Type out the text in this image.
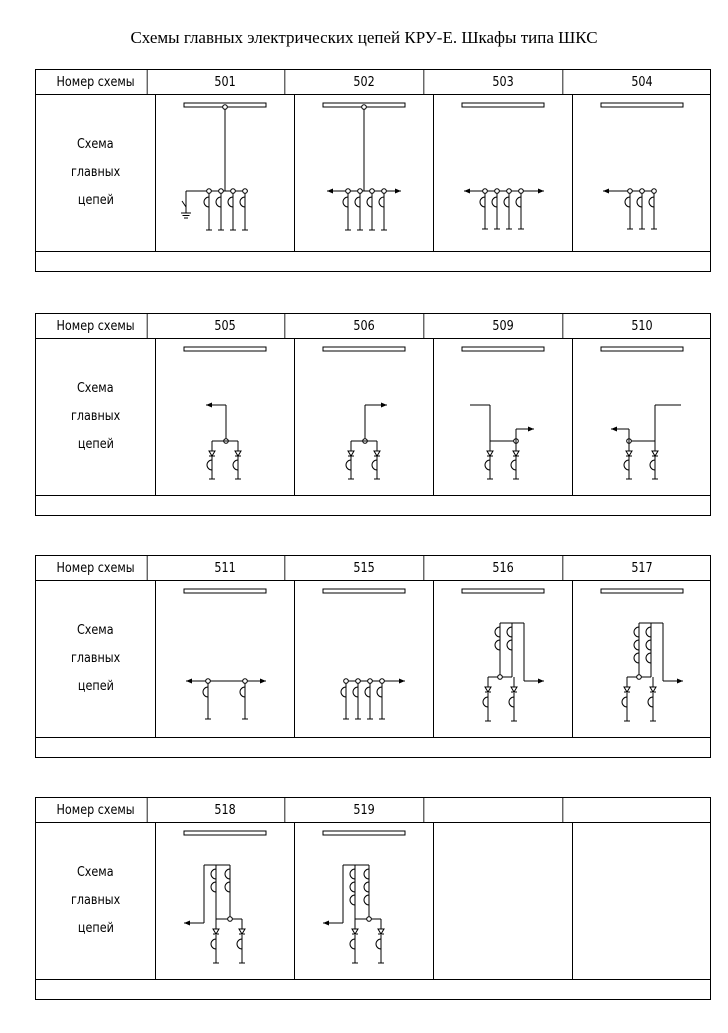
Схемы главных электрических цепей КРУ-Е. Шкафы типа ШКС
Номер схемы	501	502	503	504
Схема
главных
цепей
Номер схемы	505	506	509	510
Схема
главных
цепей
Номер схемы	511	515	516	517
Схема
главных
цепей
Номер схемы	518	519
Схема
главных
цепей
